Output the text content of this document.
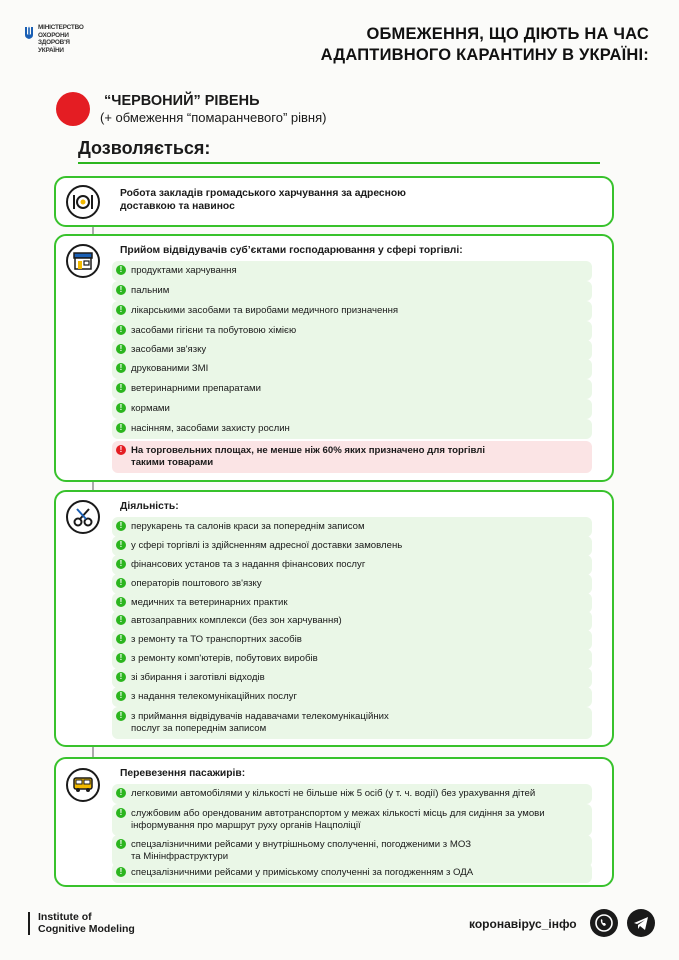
МІНІСТЕРСТВО
ОХОРОНИ
ЗДОРОВ'Я
УКРАЇНИ
ОБМЕЖЕННЯ, ЩО ДІЮТЬ НА ЧАС
АДАПТИВНОГО КАРАНТИНУ В УКРАЇНІ:
“ЧЕРВОНИЙ” РІВЕНЬ
(+ обмеження “помаранчевого” рівня)
Дозволяється:
Робота закладів громадського харчування за адресною
доставкою та навинос
Прийом відвідувачів суб’єктами господарювання у сфері торгівлі:
! продуктами харчування
! пальним
! лікарськими засобами та виробами медичного призначення
! засобами гігієни та побутовою хімією
! засобами зв'язку
! друкованими ЗМІ
! ветеринарними препаратами
! кормами
! насінням, засобами захисту рослин
! На торговельних площах, не менше ніж 60% яких призначено для торгівлі
такими товарами
Діяльність:
! перукарень та салонів краси за попереднім записом
! у сфері торгівлі із здійсненням адресної доставки замовлень
! фінансових установ та з надання фінансових послуг
! операторів поштового зв'язку
! медичних та ветеринарних практик
! автозаправних комплекси (без зон харчування)
! з ремонту та ТО транспортних засобів
! з ремонту комп'ютерів, побутових виробів
! зі збирання і заготівлі відходів
! з надання телекомунікаційних послуг
! з приймання відвідувачів надавачами телекомунікаційних
послуг за попереднім записом
Перевезення пасажирів:
! легковими автомобілями у кількості не більше ніж 5 осіб (у т. ч. водії) без урахування дітей
! службовим або орендованим автотранспортом у межах кількості місць для сидіння за умови
інформування про маршрут руху органів Нацполіції
! спецзалізничними рейсами у внутрішньому сполученні, погодженими з МОЗ
та Мінінфраструктури
! спецзалізничними рейсами у приміському сполученні за погодженням з ОДА
Institute of
Cognitive Modeling	коронавірус_інфо
